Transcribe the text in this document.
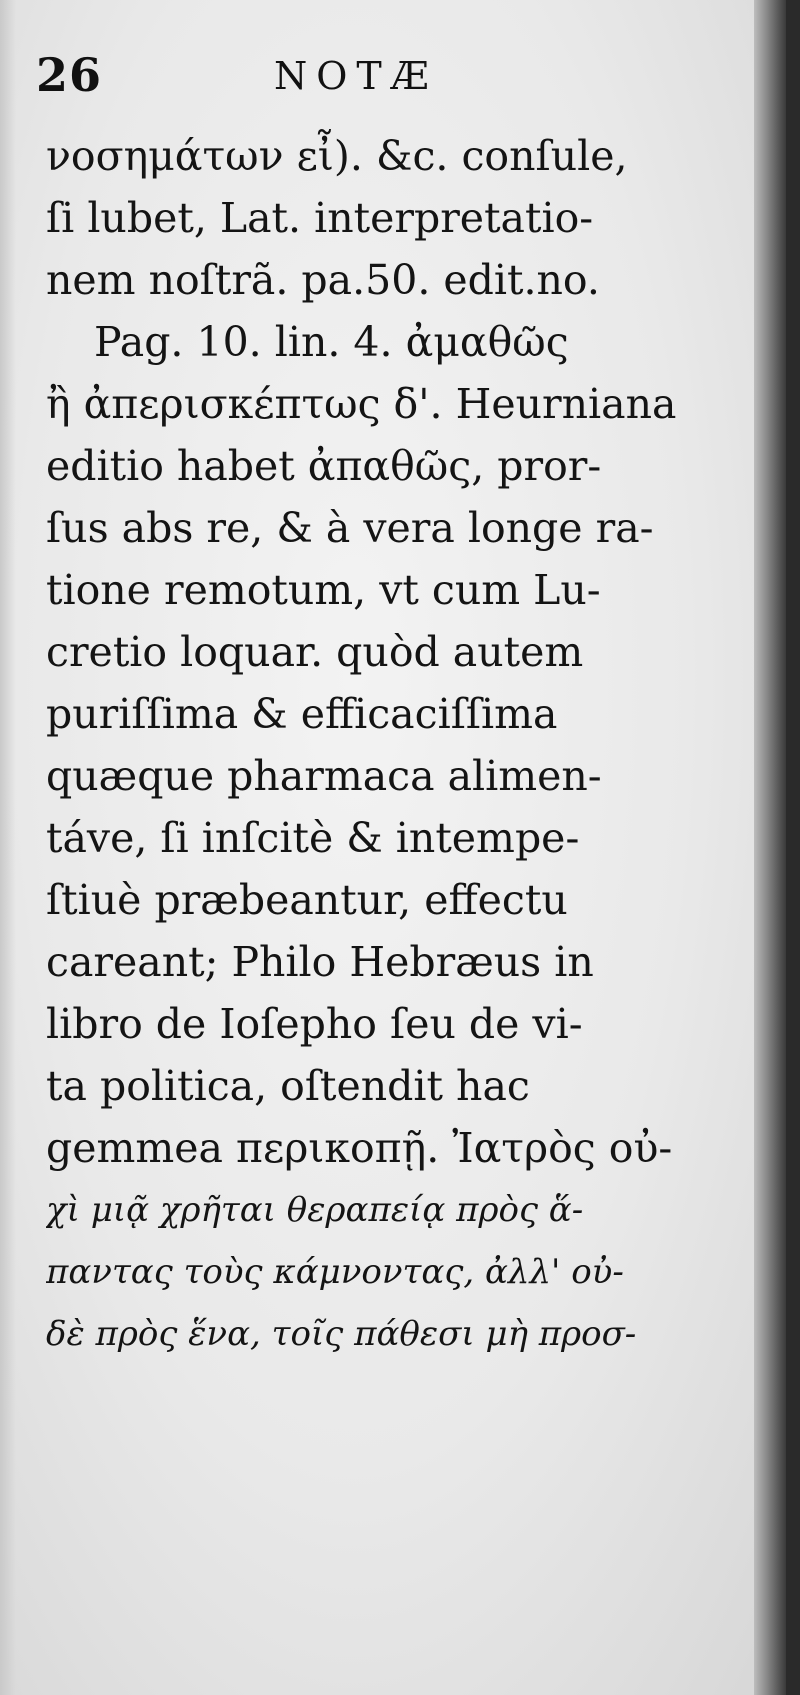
26	NOTÆ
νοσημάτων εἶ). &c. conſule,
ſi lubet, Lat. interpretatio-
nem noſtrã. pa.50. edit.no.
Pag. 10. lin. 4. ἀμαθῶς
ἢ ἀπερισκέπτως δ'. Heurniana
editio habet ἀπαθῶς, pror-
ſus abs re, & à vera longe ra-
tione remotum, vt cum Lu-
cretio loquar. quòd autem
puriſſima & efficaciſſima
quæque pharmaca alimen-
táve, ſi inſcitè & intempe-
ſtiuè præbeantur, effectu
careant; Philo Hebræus in
libro de Ioſepho ſeu de vi-
ta politica, oſtendit hac
gemmea περικοπῇ. Ἰατρὸς οὐ-
χὶ μιᾷ χρῆται θεραπείᾳ πρὸς ἅ-
παντας τοὺς κάμνοντας, ἀλλ' οὐ-
δὲ πρὸς ἕνα, τοῖς πάθεσι μὴ προσ-
